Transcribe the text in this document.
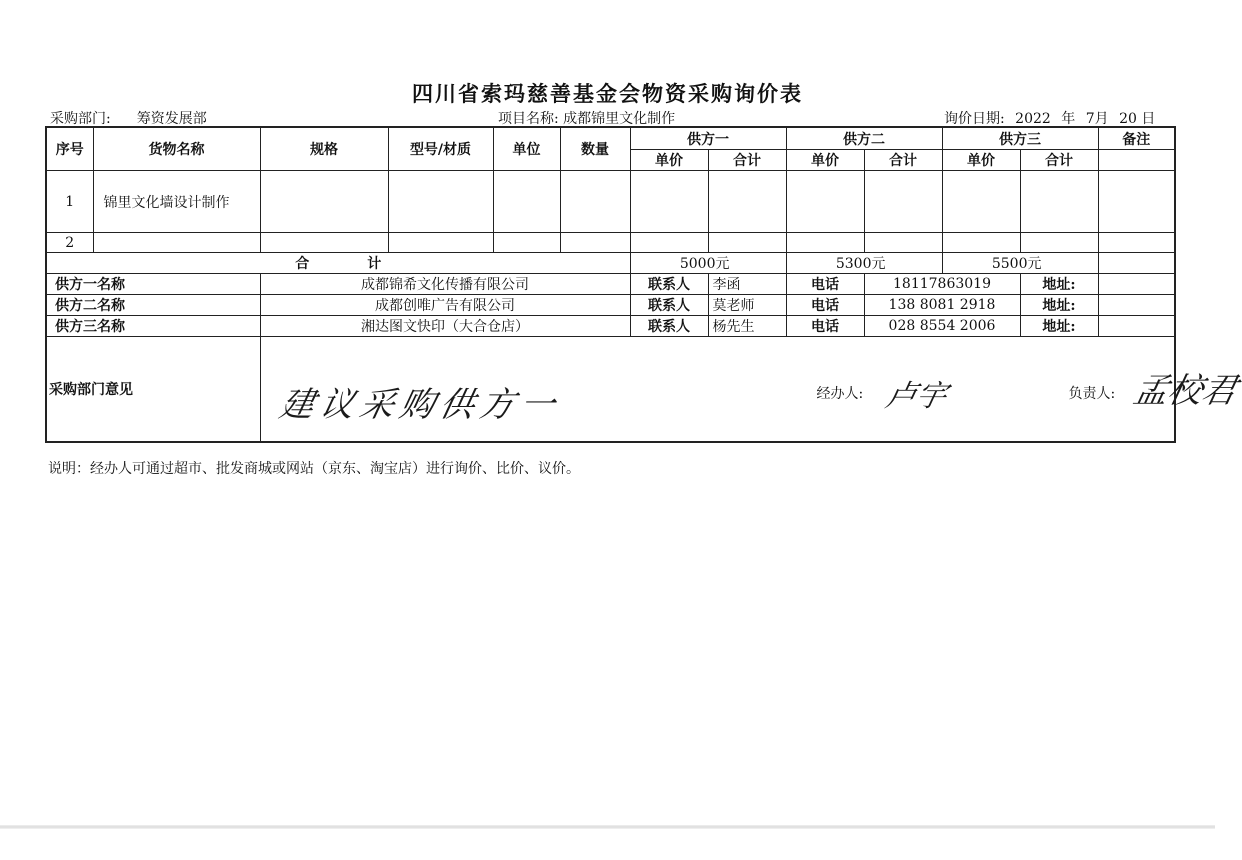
四川省索玛慈善基金会物资采购询价表
采购部门: 筹资发展部	项目名称: 成都锦里文化制作	询价日期: 2022 年 7月 20 日
序号	货物名称	规格	型号/材质	单位	数量	供方一		供方二		供方三		备注
						单价	合计	单价	合计	单价	合计	
1	锦里文化墙设计制作											
2												
合计						5000元		5300元		5500元		
供方一名称		成都锦希文化传播有限公司				联系人	李函	电话	18117863019		地址:	
供方二名称		成都创唯广告有限公司				联系人	莫老师	电话	138 8081 2918		地址:	
供方三名称		湘达图文快印（大合仓店）				联系人	杨先生	电话	028 8554 2006		地址:	
采购部门意见		建议采购供方一 经办人: 卢宇 负责人: 孟校君										
说明：经办人可通过超市、批发商城或网站（京东、淘宝店）进行询价、比价、议价。
